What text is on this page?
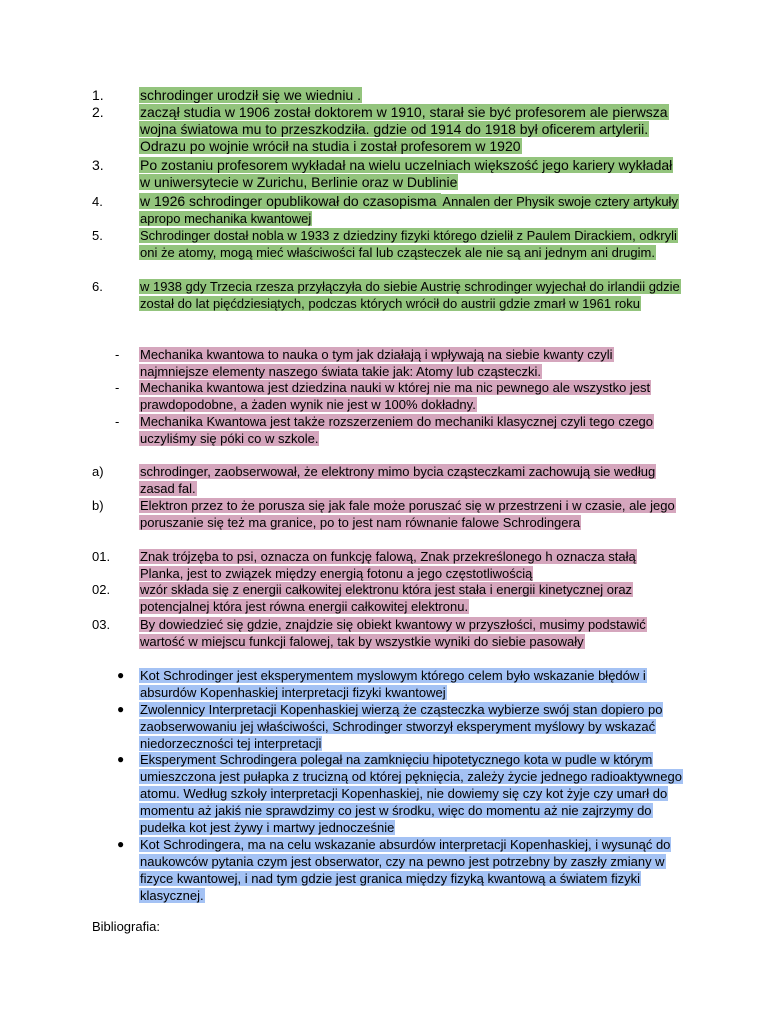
1.	schrodinger urodził się we wiedniu .
2.	zaczął studia w 1906 został doktorem w 1910, starał sie być profesorem ale pierwsza wojna światowa mu to przeszkodziła. gdzie od 1914 do 1918 był oficerem artylerii. Odrazu po wojnie wrócił na studia i został profesorem w 1920
3.	Po zostaniu profesorem wykładał na wielu uczelniach większość jego kariery wykładał w uniwersytecie w Zurichu, Berlinie oraz w Dublinie
4.	w 1926 schrodinger opublikował do czasopisma Annalen der Physik swoje cztery artykuły apropo mechanika kwantowej
5.	Schrodinger dostał nobla w 1933 z dziedziny fizyki którego dzielił z Paulem Dirackiem, odkryli oni że atomy, mogą mieć właściwości fal lub cząsteczek ale nie są ani jednym ani drugim.
6.	w 1938 gdy Trzecia rzesza przyłączyła do siebie Austrię schrodinger wyjechał do irlandii gdzie został do lat pięćdziesiątych, podczas których wrócił do austrii gdzie zmarł w 1961 roku
-	Mechanika kwantowa to nauka o tym jak działają i wpływają na siebie kwanty czyli najmniejsze elementy naszego świata takie jak: Atomy lub cząsteczki.
-	Mechanika kwantowa jest dziedzina nauki w której nie ma nic pewnego ale wszystko jest prawdopodobne, a żaden wynik nie jest w 100% dokładny.
-	Mechanika Kwantowa jest także rozszerzeniem do mechaniki klasycznej czyli tego czego uczyliśmy się póki co w szkole.
a)	schrodinger, zaobserwował, że elektrony mimo bycia cząsteczkami zachowują sie według zasad fal.
b)	Elektron przez to że porusza się jak fale może poruszać się w przestrzeni i w czasie, ale jego poruszanie się też ma granice, po to jest nam równanie falowe Schrodingera
01.	Znak trójzęba to psi, oznacza on funkcję falową, Znak przekreślonego h oznacza stałą Planka, jest to związek między energią fotonu a jego częstotliwością
02.	wzór składa się z energii całkowitej elektronu która jest stała i energii kinetycznej oraz potencjalnej która jest równa energii całkowitej elektronu.
03.	By dowiedzieć się gdzie, znajdzie się obiekt kwantowy w przyszłości, musimy podstawić wartość w miejscu funkcji falowej, tak by wszystkie wyniki do siebie pasowały
●	Kot Schrodinger jest eksperymentem myslowym którego celem było wskazanie błędów i absurdów Kopenhaskiej interpretacji fizyki kwantowej
●	Zwolennicy Interpretacji Kopenhaskiej wierzą że cząsteczka wybierze swój stan dopiero po zaobserwowaniu jej właściwości, Schrodinger stworzył eksperyment myślowy by wskazać niedorzeczności tej interpretacji
●	Eksperyment Schrodingera polegał na zamknięciu hipotetycznego kota w pudle w którym umieszczona jest pułapka z trucizną od której pęknięcia, zależy życie jednego radioaktywnego atomu. Według szkoły interpretacji Kopenhaskiej, nie dowiemy się czy kot żyje czy umarł do momentu aż jakiś nie sprawdzimy co jest w środku, więc do momentu aż nie zajrzymy do pudełka kot jest żywy i martwy jednocześnie
●	Kot Schrodingera, ma na celu wskazanie absurdów interpretacji Kopenhaskiej, i wysunąć do naukowców pytania czym jest obserwator, czy na pewno jest potrzebny by zaszły zmiany w fizyce kwantowej, i nad tym gdzie jest granica między fizyką kwantową a światem fizyki klasycznej.
Bibliografia:
